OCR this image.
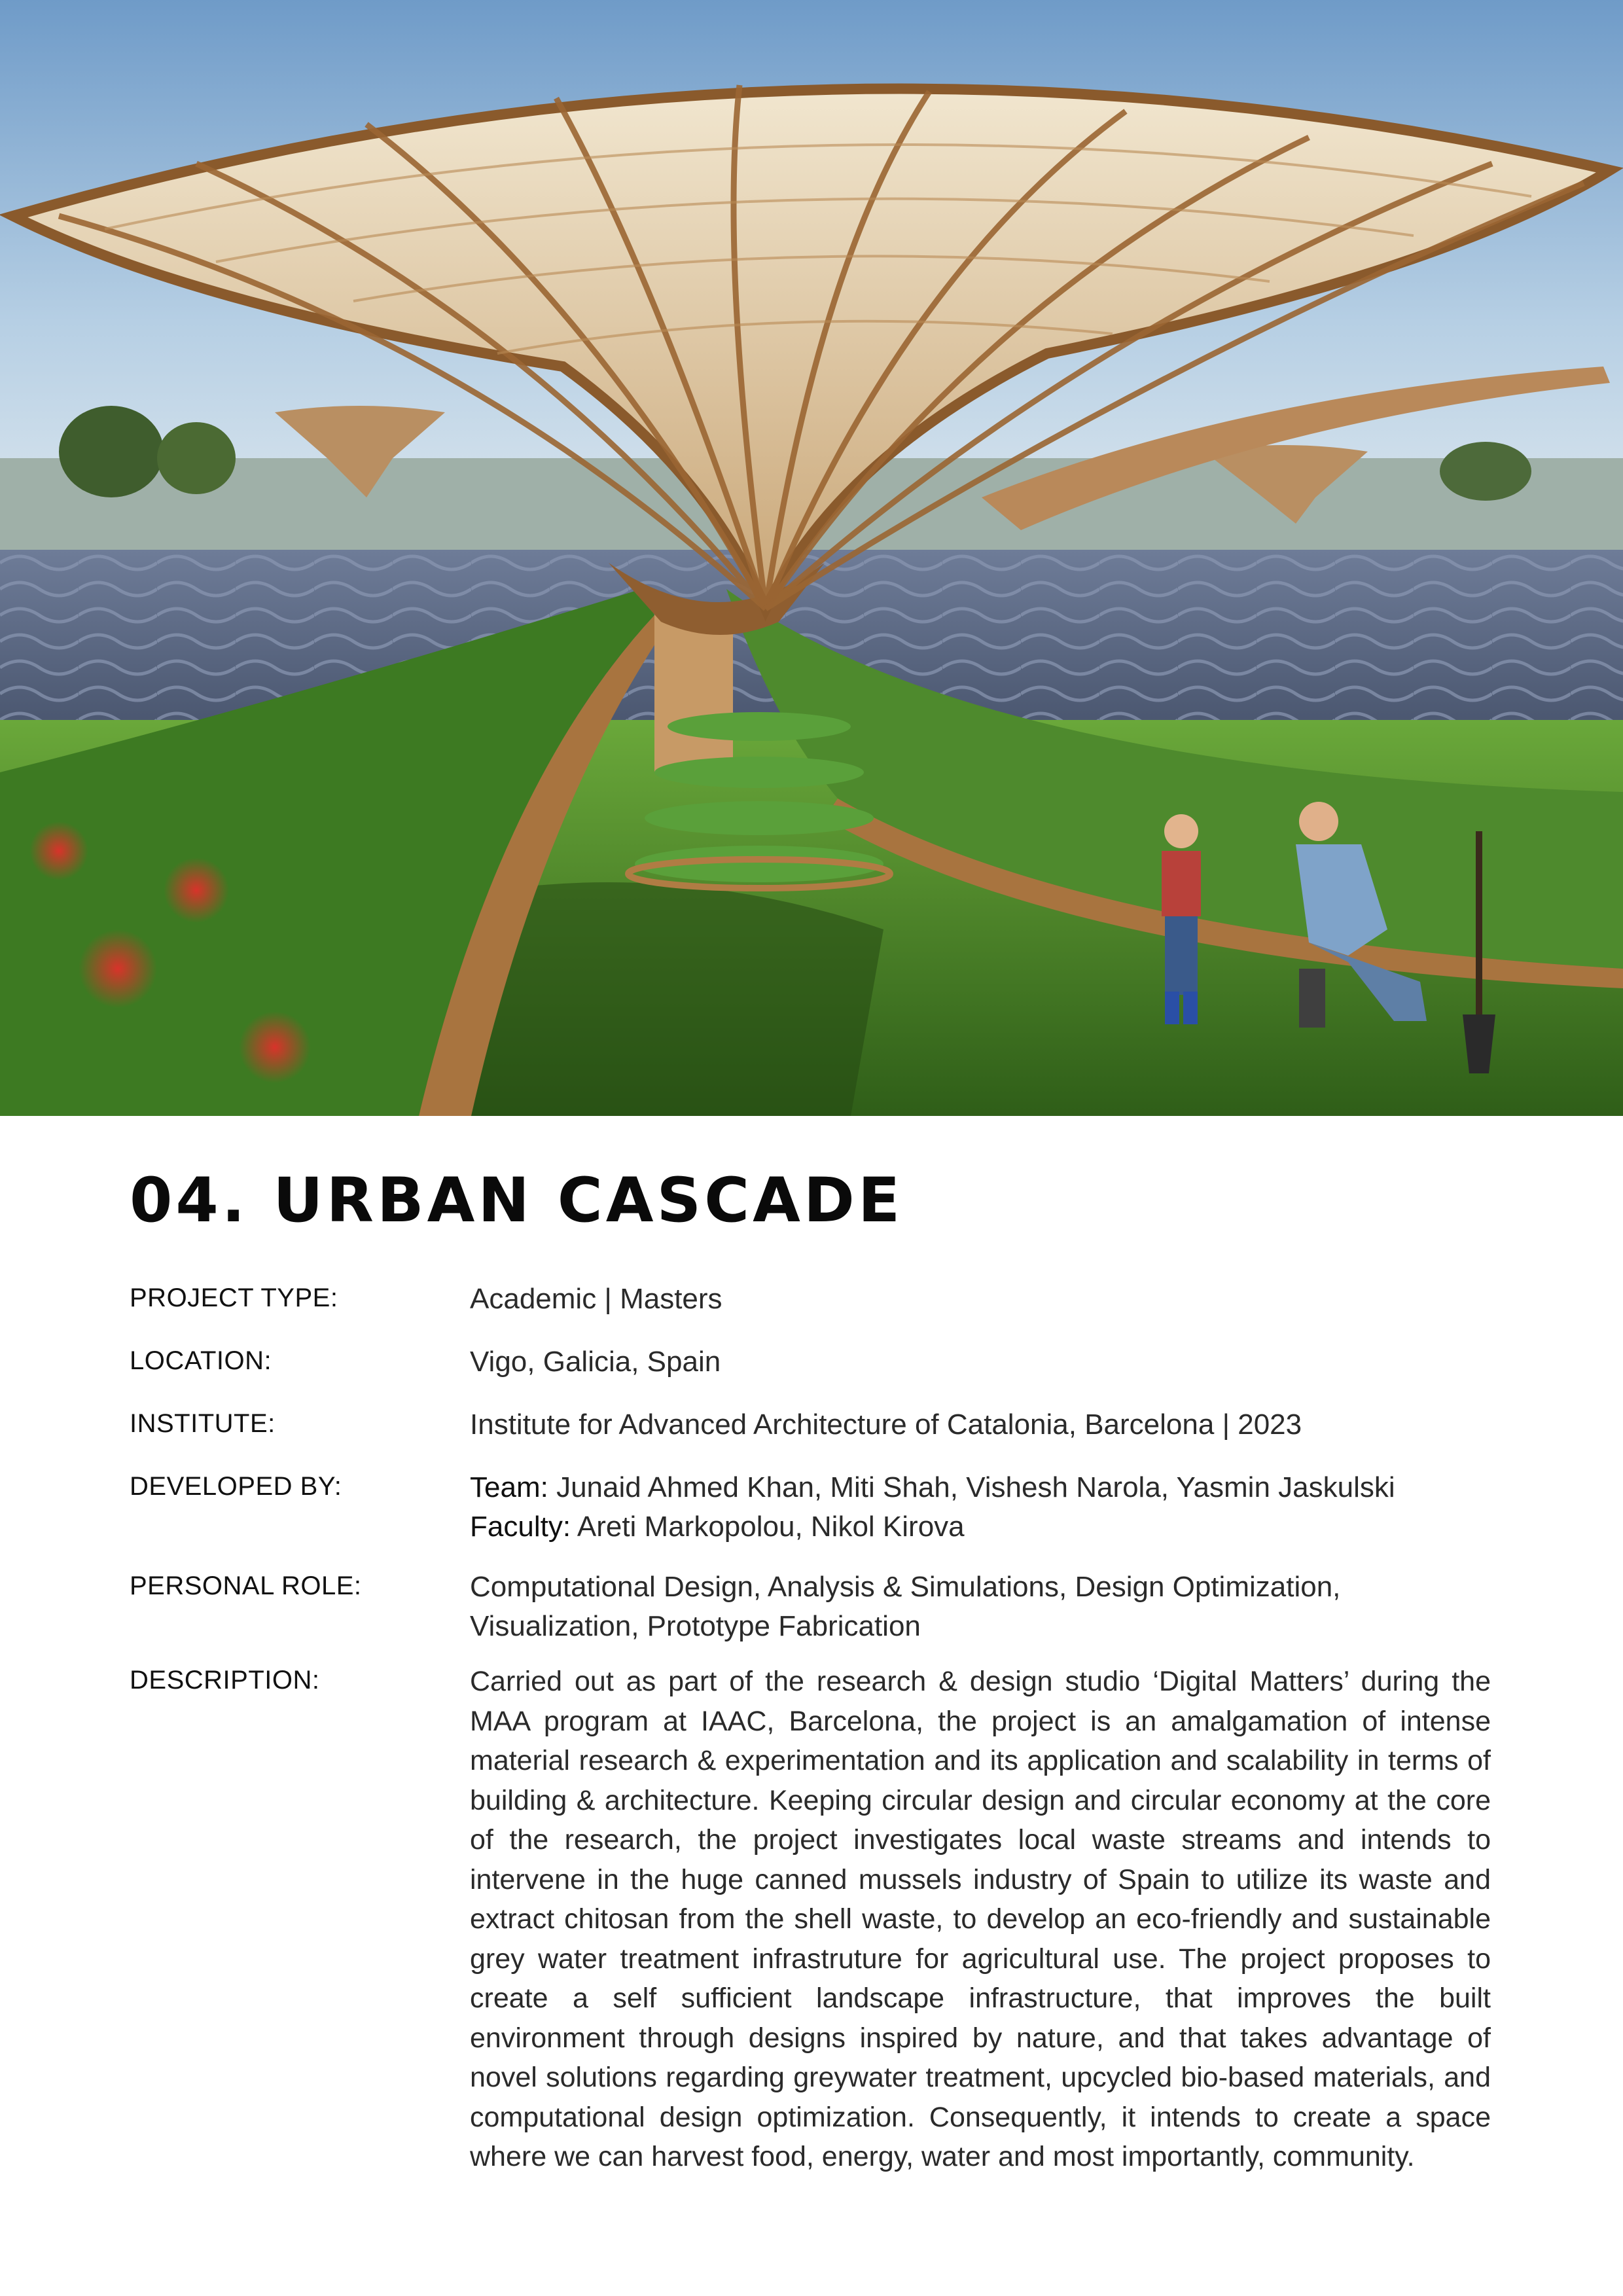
04. URBAN CASCADE
PROJECT TYPE:	Academic | Masters
LOCATION:	Vigo, Galicia, Spain
INSTITUTE:	Institute for Advanced Architecture of Catalonia, Barcelona | 2023
DEVELOPED BY:	Team: Junaid Ahmed Khan, Miti Shah, Vishesh Narola, Yasmin Jaskulski
Faculty: Areti Markopolou, Nikol Kirova
PERSONAL ROLE:	Computational Design, Analysis & Simulations, Design Optimization, Visualization, Prototype Fabrication
DESCRIPTION:	Carried out as part of the research & design studio ‘Digital Matters’ during the MAA program at IAAC, Barcelona, the project is an amalgamation of intense material research & experimentation and its application and scalability in terms of building & architecture. Keeping circular design and circular economy at the core of the research, the project investigates local waste streams and intends to intervene in the huge canned mussels industry of Spain to utilize its waste and extract chitosan from the shell waste, to develop an eco-friendly and sustainable grey water treatment infrastruture for agricultural use. The project proposes to create a self sufficient landscape infrastructure, that improves the built environment through designs inspired by nature, and that takes advantage of novel solutions regarding greywater treatment, upcycled bio-based materials, and computational design optimization. Consequently, it intends to create a space where we can harvest food, energy, water and most importantly, community.
